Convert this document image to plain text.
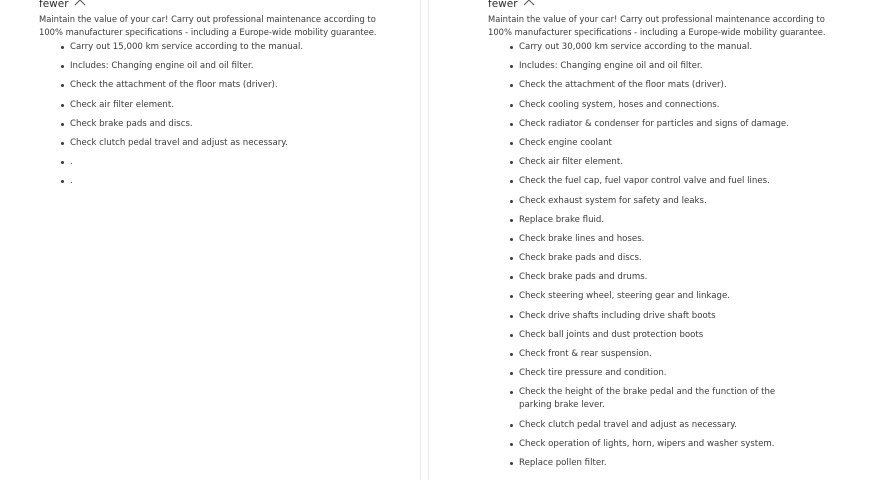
fewer

Maintain the value of your car! Carry out professional maintenance according to 100% manufacturer specifications - including a Europe-wide mobility guarantee.

Carry out 15,000 km service according to the manual.
Includes: Changing engine oil and oil filter.
Check the attachment of the floor mats (driver).
Check air filter element.
Check brake pads and discs.
Check clutch pedal travel and adjust as necessary.
.
.
fewer

Maintain the value of your car! Carry out professional maintenance according to 100% manufacturer specifications - including a Europe-wide mobility guarantee.

Carry out 30,000 km service according to the manual.
Includes: Changing engine oil and oil filter.
Check the attachment of the floor mats (driver).
Check cooling system, hoses and connections.
Check radiator & condenser for particles and signs of damage.
Check engine coolant
Check air filter element.
Check the fuel cap, fuel vapor control valve and fuel lines.
Check exhaust system for safety and leaks.
Replace brake fluid.
Check brake lines and hoses.
Check brake pads and discs.
Check brake pads and drums.
Check steering wheel, steering gear and linkage.
Check drive shafts including drive shaft boots
Check ball joints and dust protection boots
Check front & rear suspension.
Check tire pressure and condition.
Check the height of the brake pedal and the function of the parking brake lever.
Check clutch pedal travel and adjust as necessary.
Check operation of lights, horn, wipers and washer system.
Replace pollen filter.
